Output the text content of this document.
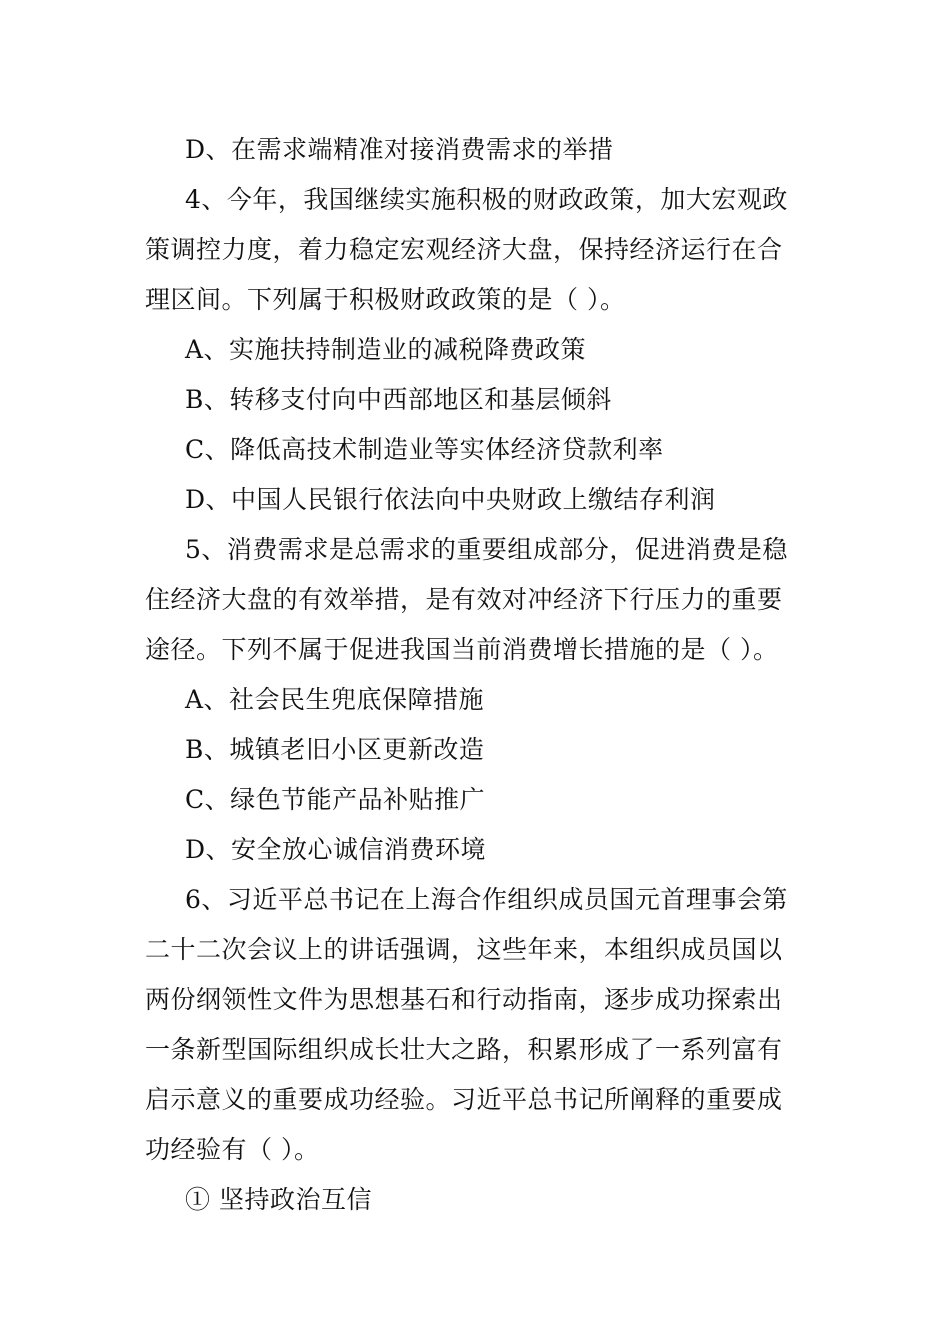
D、在需求端精准对接消费需求的举措
4、今年，我国继续实施积极的财政政策，加大宏观政
策调控力度，着力稳定宏观经济大盘，保持经济运行在合
理区间。下列属于积极财政政策的是（ ）。
A、实施扶持制造业的减税降费政策
B、转移支付向中西部地区和基层倾斜
C、降低高技术制造业等实体经济贷款利率
D、中国人民银行依法向中央财政上缴结存利润
5、消费需求是总需求的重要组成部分，促进消费是稳
住经济大盘的有效举措，是有效对冲经济下行压力的重要
途径。下列不属于促进我国当前消费增长措施的是（ ）。
A、社会民生兜底保障措施
B、城镇老旧小区更新改造
C、绿色节能产品补贴推广
D、安全放心诚信消费环境
6、习近平总书记在上海合作组织成员国元首理事会第
二十二次会议上的讲话强调，这些年来，本组织成员国以
两份纲领性文件为思想基石和行动指南，逐步成功探索出
一条新型国际组织成长壮大之路，积累形成了一系列富有
启示意义的重要成功经验。习近平总书记所阐释的重要成
功经验有（ ）。
① 坚持政治互信
